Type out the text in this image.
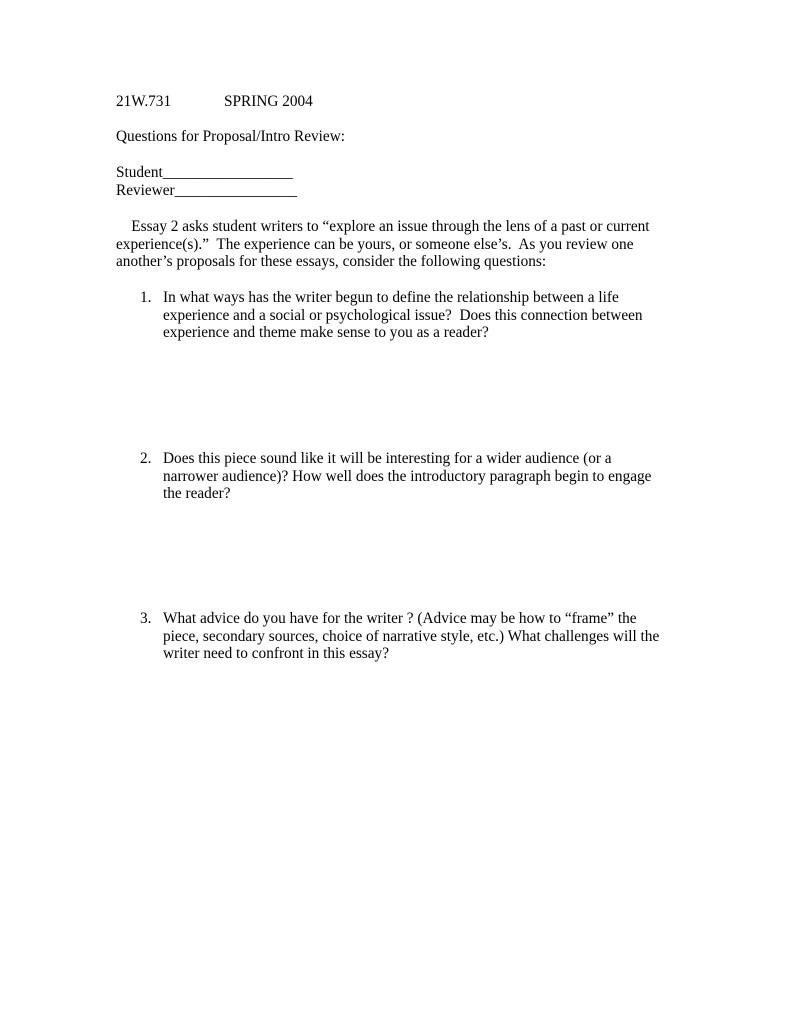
21W.731	SPRING 2004
Questions for Proposal/Intro Review:
Student_________________
Reviewer________________
Essay 2 asks student writers to “explore an issue through the lens of a past or current
experience(s).”  The experience can be yours, or someone else’s.  As you review one
another’s proposals for these essays, consider the following questions:
1. In what ways has the writer begun to define the relationship between a life
experience and a social or psychological issue?  Does this connection between
experience and theme make sense to you as a reader?
2. Does this piece sound like it will be interesting for a wider audience (or a
narrower audience)? How well does the introductory paragraph begin to engage
the reader?
3. What advice do you have for the writer ? (Advice may be how to “frame” the
piece, secondary sources, choice of narrative style, etc.) What challenges will the
writer need to confront in this essay?
